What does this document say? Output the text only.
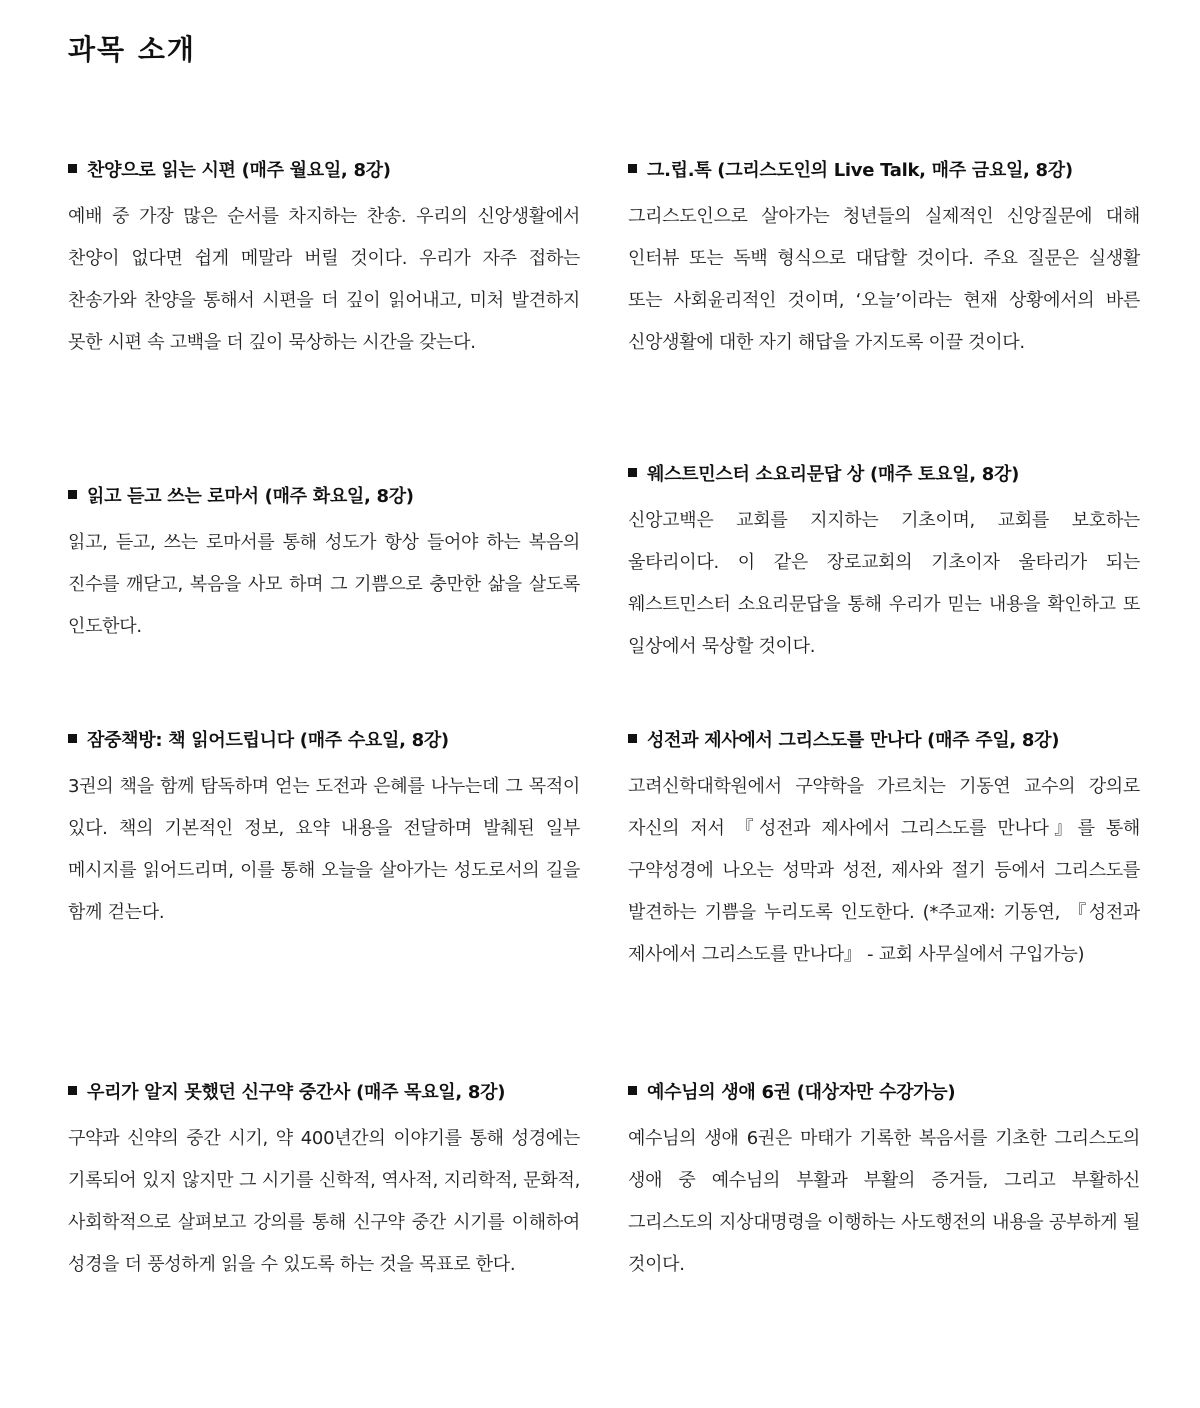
과목 소개
찬양으로 읽는 시편 (매주 월요일, 8강)

예배 중 가장 많은 순서를 차지하는 찬송. 우리의 신앙생활에서 찬양이 없다면 쉽게 메말라 버릴 것이다. 우리가 자주 접하는 찬송가와 찬양을 통해서 시편을 더 깊이 읽어내고, 미처 발견하지 못한 시편 속 고백을 더 깊이 묵상하는 시간을 갖는다.

그.립.톡 (그리스도인의 Live Talk, 매주 금요일, 8강)

그리스도인으로 살아가는 청년들의 실제적인 신앙질문에 대해 인터뷰 또는 독백 형식으로 대답할 것이다. 주요 질문은 실생활 또는 사회윤리적인 것이며, ‘오늘’이라는 현재 상황에서의 바른 신앙생활에 대한 자기 해답을 가지도록 이끌 것이다.

읽고 듣고 쓰는 로마서 (매주 화요일, 8강)

읽고, 듣고, 쓰는 로마서를 통해 성도가 항상 들어야 하는 복음의 진수를 깨닫고, 복음을 사모 하며 그 기쁨으로 충만한 삶을 살도록 인도한다.

웨스트민스터 소요리문답 상 (매주 토요일, 8강)

신앙고백은 교회를 지지하는 기초이며, 교회를 보호하는 울타리이다. 이 같은 장로교회의 기초이자 울타리가 되는 웨스트민스터 소요리문답을 통해 우리가 믿는 내용을 확인하고 또 일상에서 묵상할 것이다.

잠중책방: 책 읽어드립니다 (매주 수요일, 8강)

3권의 책을 함께 탐독하며 얻는 도전과 은혜를 나누는데 그 목적이 있다. 책의 기본적인 정보, 요약 내용을 전달하며 발췌된 일부 메시지를 읽어드리며, 이를 통해 오늘을 살아가는 성도로서의 길을 함께 걷는다.

성전과 제사에서 그리스도를 만나다 (매주 주일, 8강)

고려신학대학원에서 구약학을 가르치는 기동연 교수의 강의로 자신의 저서 『성전과 제사에서 그리스도를 만나다』를 통해 구약성경에 나오는 성막과 성전, 제사와 절기 등에서 그리스도를 발견하는 기쁨을 누리도록 인도한다. (*주교재: 기동연, 『성전과 제사에서 그리스도를 만나다』 - 교회 사무실에서 구입가능)

우리가 알지 못했던 신구약 중간사 (매주 목요일, 8강)

구약과 신약의 중간 시기, 약 400년간의 이야기를 통해 성경에는 기록되어 있지 않지만 그 시기를 신학적, 역사적, 지리학적, 문화적, 사회학적으로 살펴보고 강의를 통해 신구약 중간 시기를 이해하여 성경을 더 풍성하게 읽을 수 있도록 하는 것을 목표로 한다.

예수님의 생애 6권 (대상자만 수강가능)

예수님의 생애 6권은 마태가 기록한 복음서를 기초한 그리스도의 생애 중 예수님의 부활과 부활의 증거들, 그리고 부활하신 그리스도의 지상대명령을 이행하는 사도행전의 내용을 공부하게 될 것이다.
